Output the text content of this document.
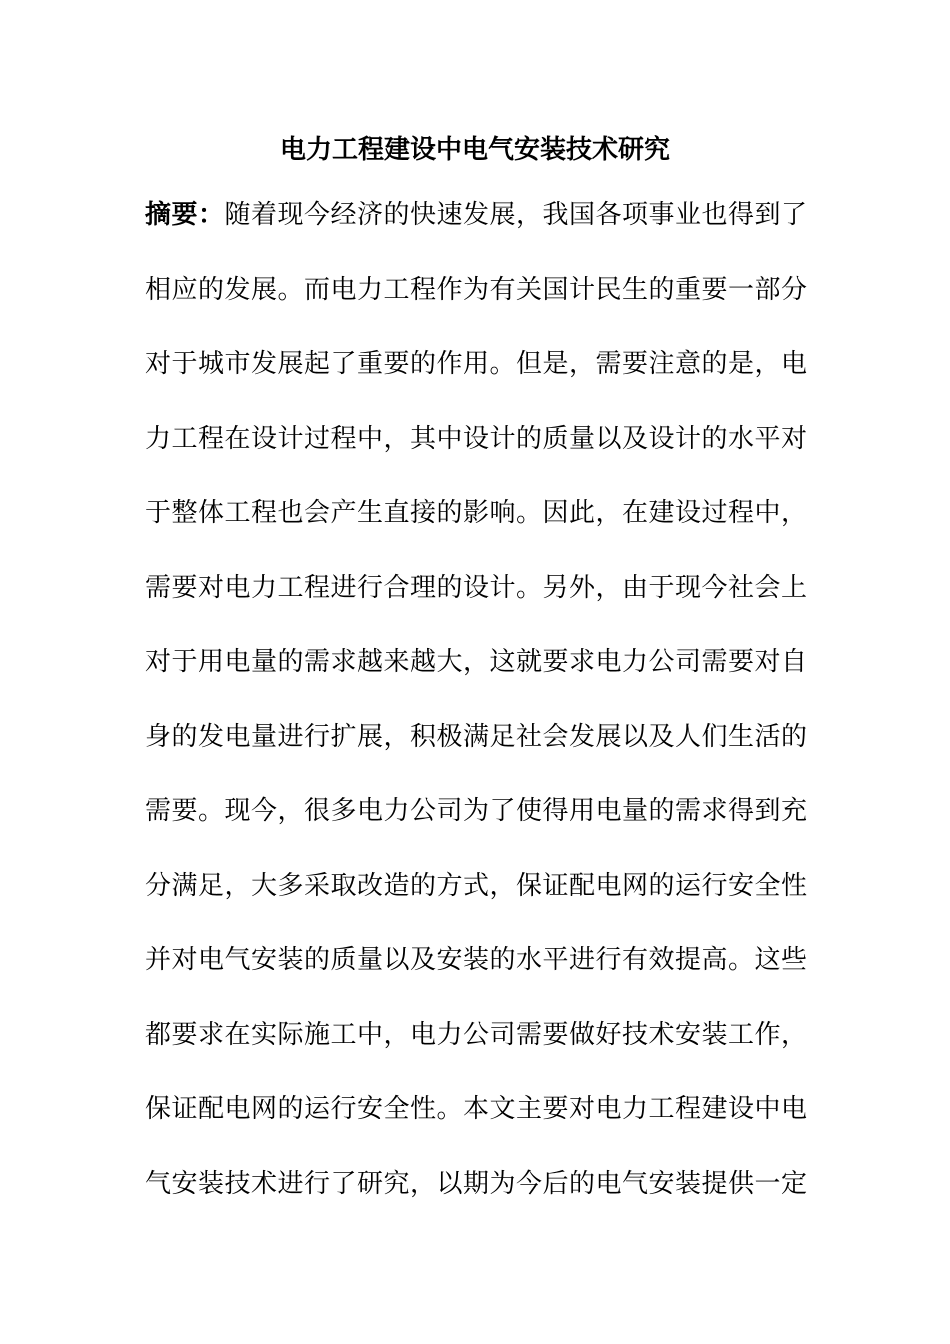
电力工程建设中电气安装技术研究
摘要：随着现今经济的快速发展，我国各项事业也得到了
相应的发展。而电力工程作为有关国计民生的重要一部分
对于城市发展起了重要的作用。但是，需要注意的是，电
力工程在设计过程中，其中设计的质量以及设计的水平对
于整体工程也会产生直接的影响。因此，在建设过程中，
需要对电力工程进行合理的设计。另外，由于现今社会上
对于用电量的需求越来越大，这就要求电力公司需要对自
身的发电量进行扩展，积极满足社会发展以及人们生活的
需要。现今，很多电力公司为了使得用电量的需求得到充
分满足，大多采取改造的方式，保证配电网的运行安全性
并对电气安装的质量以及安装的水平进行有效提高。这些
都要求在实际施工中，电力公司需要做好技术安装工作，
保证配电网的运行安全性。本文主要对电力工程建设中电
气安装技术进行了研究，以期为今后的电气安装提供一定
